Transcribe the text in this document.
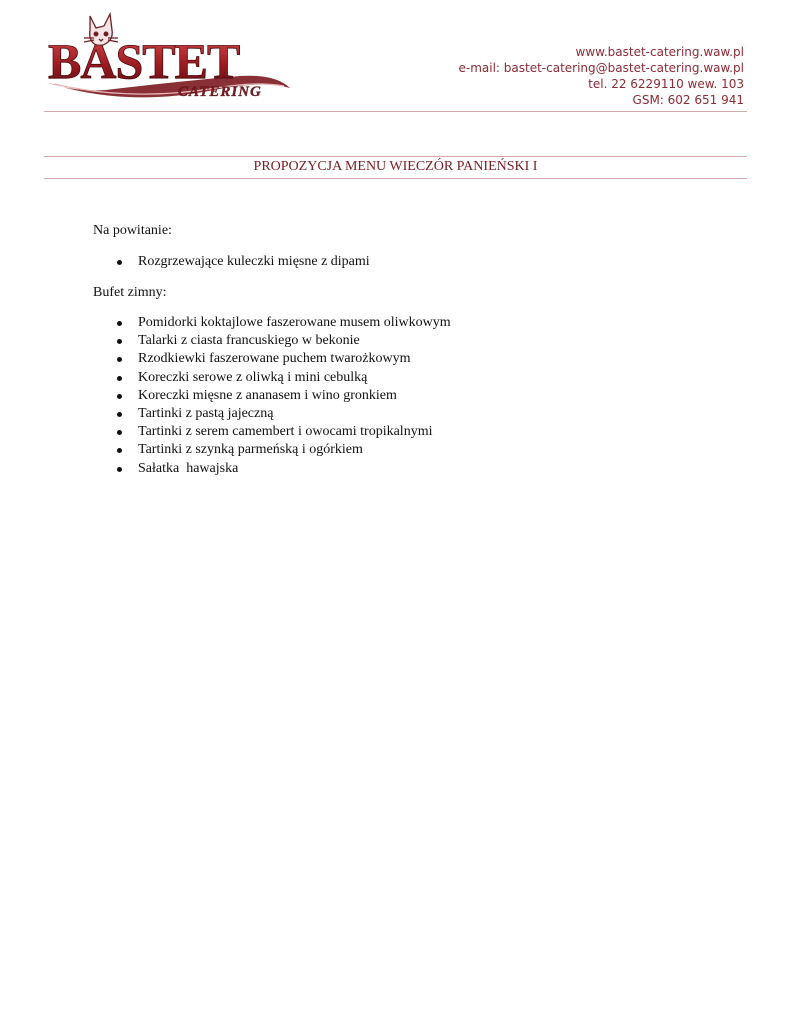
BASTET
CATERING
www.bastet-catering.waw.pl
e-mail: bastet-catering@bastet-catering.waw.pl
tel. 22 6229110 wew. 103
GSM: 602 651 941
PROPOZYCJA MENU WIECZÓR PANIEŃSKI I
Na powitanie:
Rozgrzewające kuleczki mięsne z dipami
Bufet zimny:
Pomidorki koktajlowe faszerowane musem oliwkowym
Talarki z ciasta francuskiego w bekonie
Rzodkiewki faszerowane puchem twarożkowym
Koreczki serowe z oliwką i mini cebulką
Koreczki mięsne z ananasem i wino gronkiem
Tartinki z pastą jajeczną
Tartinki z serem camembert i owocami tropikalnymi
Tartinki z szynką parmeńską i ogórkiem
Sałatka  hawajska
